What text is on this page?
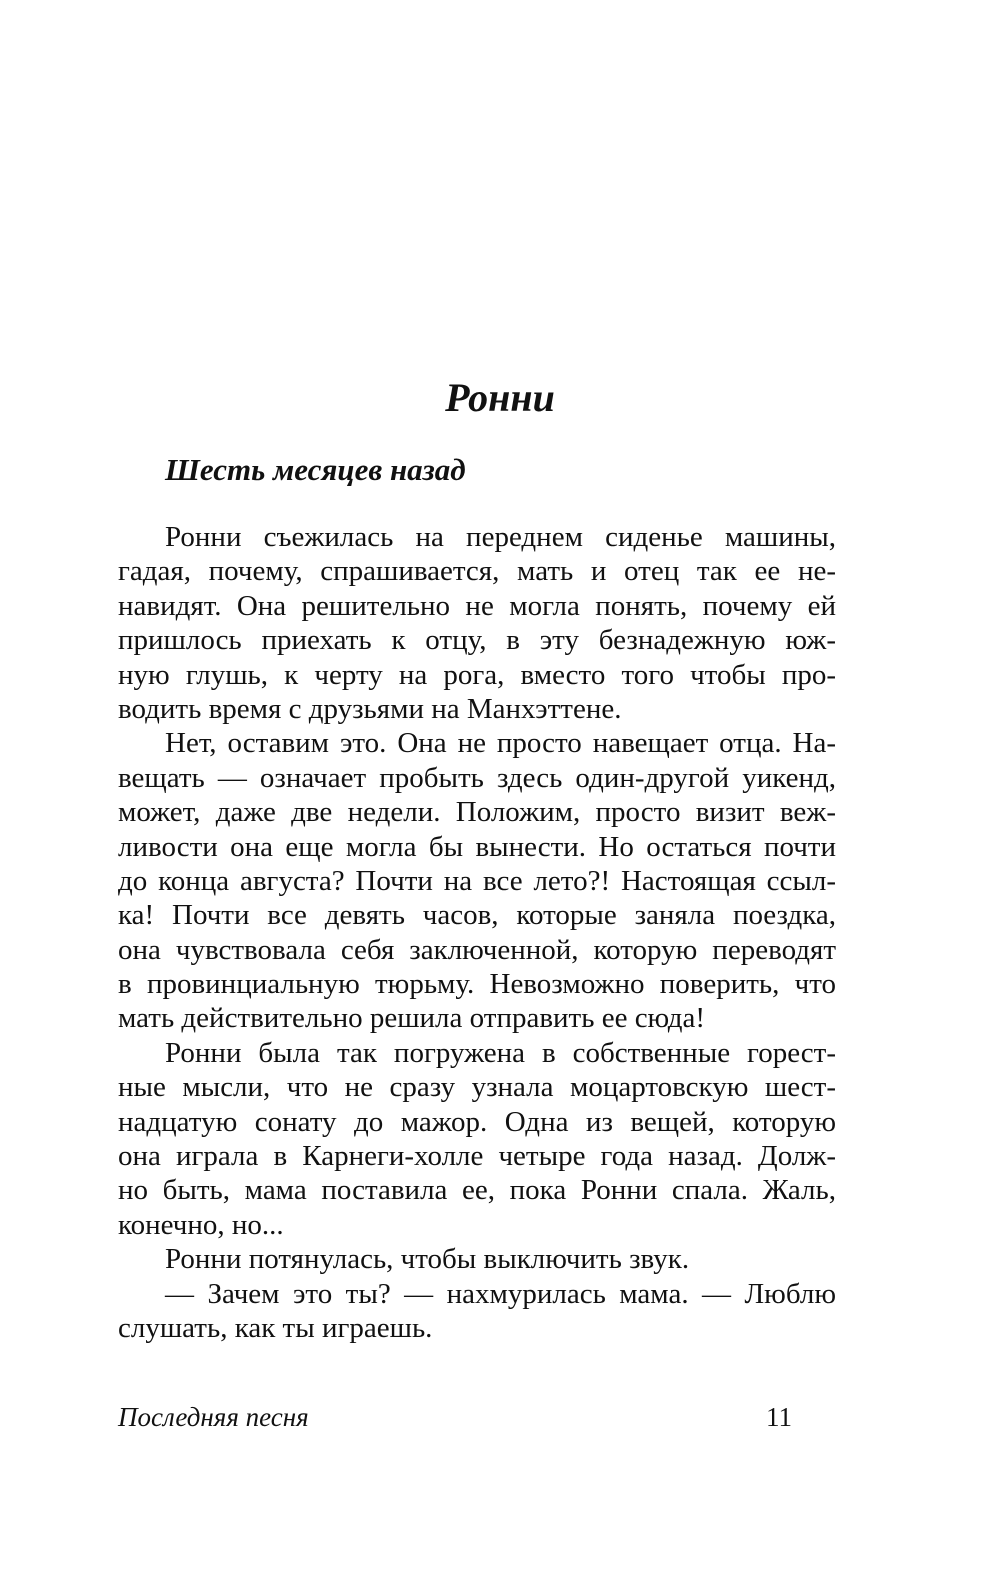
Ронни
Шесть месяцев назад
Ронни съежилась на переднем сиденье машины,
гадая, почему, спрашивается, мать и отец так ее не-
навидят. Она решительно не могла понять, почему ей
пришлось приехать к отцу, в эту безнадежную юж-
ную глушь, к черту на рога, вместо того чтобы про-
водить время с друзьями на Манхэттене.
Нет, оставим это. Она не просто навещает отца. На-
вещать — означает пробыть здесь один-другой уикенд,
может, даже две недели. Положим, просто визит веж-
ливости она еще могла бы вынести. Но остаться почти
до конца августа? Почти на все лето?! Настоящая ссыл-
ка! Почти все девять часов, которые заняла поездка,
она чувствовала себя заключенной, которую переводят
в провинциальную тюрьму. Невозможно поверить, что
мать действительно решила отправить ее сюда!
Ронни была так погружена в собственные горест-
ные мысли, что не сразу узнала моцартовскую шест-
надцатую сонату до мажор. Одна из вещей, которую
она играла в Карнеги-холле четыре года назад. Долж-
но быть, мама поставила ее, пока Ронни спала. Жаль,
конечно, но...
Ронни потянулась, чтобы выключить звук.
— Зачем это ты? — нахмурилась мама. — Люблю
слушать, как ты играешь.
Последняя песня	11
